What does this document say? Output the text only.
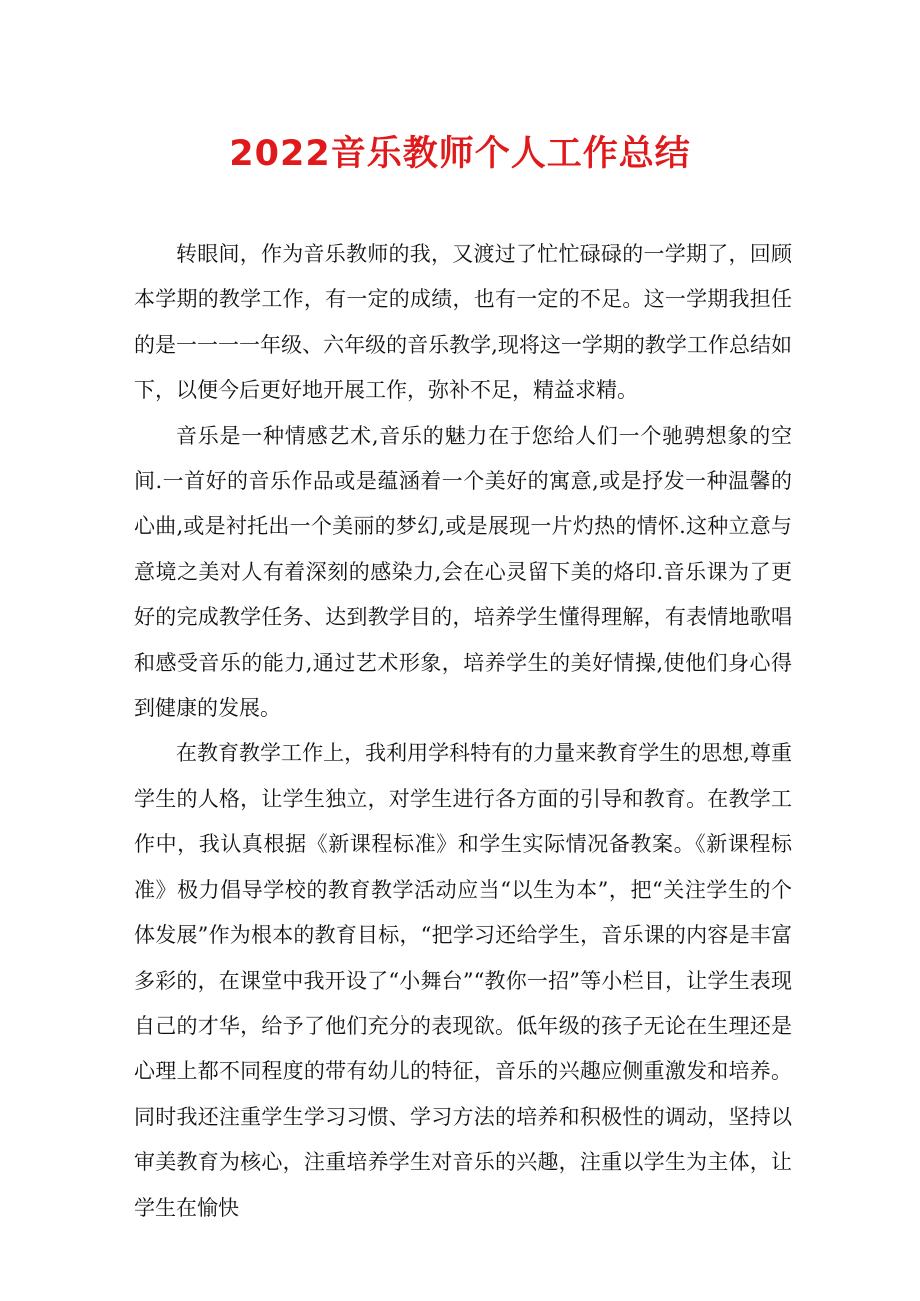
2022音乐教师个人工作总结

转眼间，作为音乐教师的我，又渡过了忙忙碌碌的一学期了，回顾本学期的教学工作，有一定的成绩，也有一定的不足。这一学期我担任的是一一一一年级、六年级的音乐教学,现将这一学期的教学工作总结如下，以便今后更好地开展工作，弥补不足，精益求精。

音乐是一种情感艺术,音乐的魅力在于您给人们一个驰骋想象的空间.一首好的音乐作品或是蕴涵着一个美好的寓意,或是抒发一种温馨的心曲,或是衬托出一个美丽的梦幻,或是展现一片灼热的情怀.这种立意与意境之美对人有着深刻的感染力,会在心灵留下美的烙印.音乐课为了更好的完成教学任务、达到教学目的，培养学生懂得理解，有表情地歌唱和感受音乐的能力,通过艺术形象，培养学生的美好情操,使他们身心得到健康的发展。

在教育教学工作上，我利用学科特有的力量来教育学生的思想,尊重学生的人格，让学生独立，对学生进行各方面的引导和教育。在教学工作中，我认真根据《新课程标准》和学生实际情况备教案。《新课程标准》极力倡导学校的教育教学活动应当“以生为本”，把“关注学生的个体发展”作为根本的教育目标，“把学习还给学生，音乐课的内容是丰富多彩的，在课堂中我开设了“小舞台”“教你一招”等小栏目，让学生表现自己的才华，给予了他们充分的表现欲。低年级的孩子无论在生理还是心理上都不同程度的带有幼儿的特征，音乐的兴趣应侧重激发和培养。同时我还注重学生学习习惯、学习方法的培养和积极性的调动，坚持以审美教育为核心，注重培养学生对音乐的兴趣，注重以学生为主体，让学生在愉快
